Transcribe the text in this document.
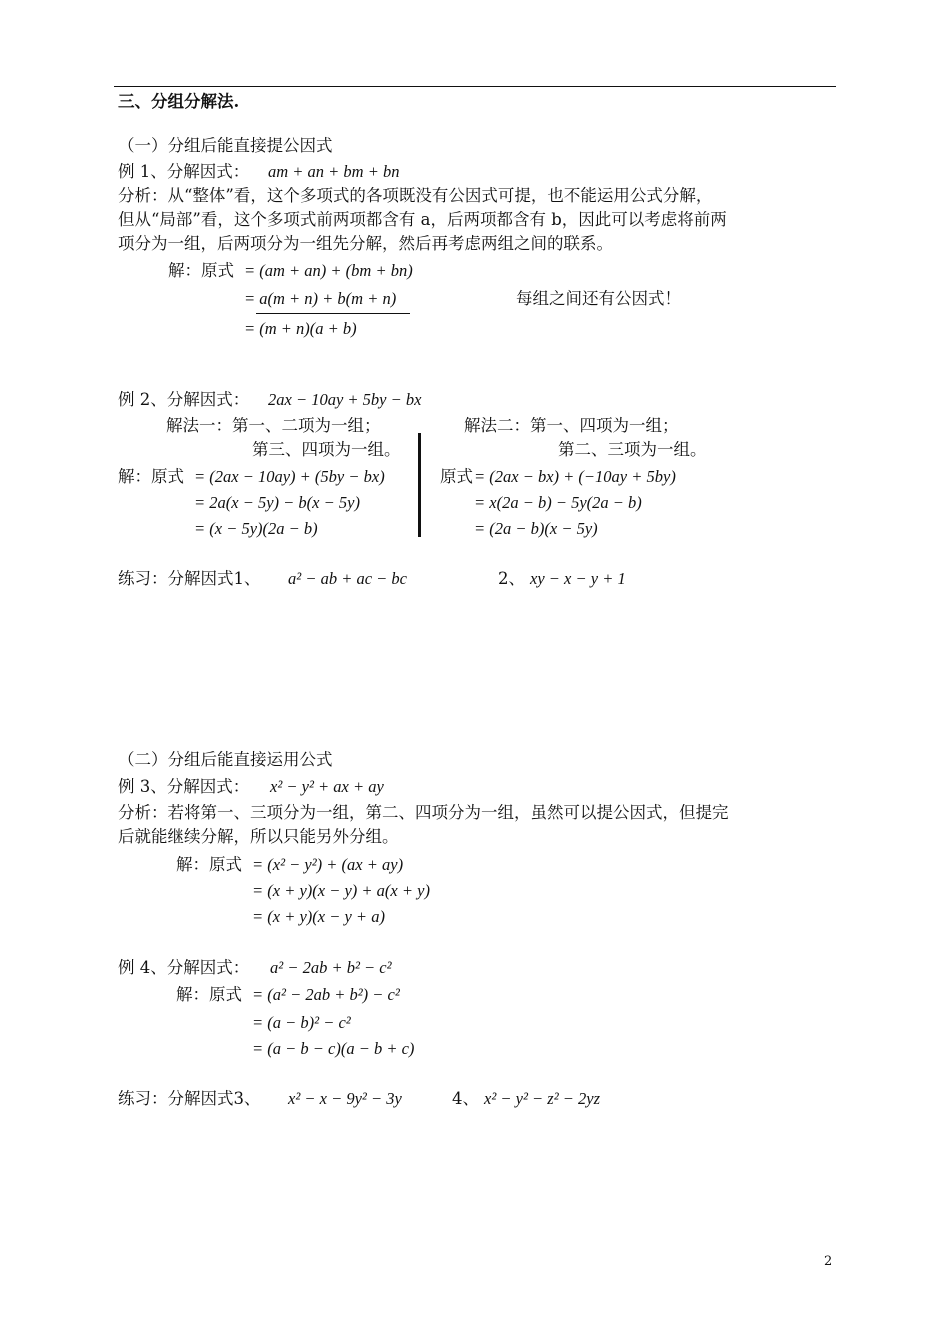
三、分组分解法.
（一）分组后能直接提公因式
例 1、分解因式： am + an + bm + bn
分析：从“整体”看，这个多项式的各项既没有公因式可提，也不能运用公式分解，
但从“局部”看，这个多项式前两项都含有 a，后两项都含有 b，因此可以考虑将前两
项分为一组，后两项分为一组先分解，然后再考虑两组之间的联系。
解：原式 = (am + an) + (bm + bn)
= a(m + n) + b(m + n)
= (m + n)(a + b)
每组之间还有公因式！
例 2、分解因式： 2ax − 10ay + 5by − bx
解法一：第一、二项为一组；
第三、四项为一组。
解法二：第一、四项为一组；
第二、三项为一组。
解：原式 = (2ax − 10ay) + (5by − bx)
= 2a(x − 5y) − b(x − 5y)
= (x − 5y)(2a − b)
原式 = (2ax − bx) + (−10ay + 5by)
= x(2a − b) − 5y(2a − b)
= (2a − b)(x − 5y)
练习：分解因式1、 a² − ab + ac − bc	2、 xy − x − y + 1
（二）分组后能直接运用公式
例 3、分解因式： x² − y² + ax + ay
分析：若将第一、三项分为一组，第二、四项分为一组，虽然可以提公因式，但提完
后就能继续分解，所以只能另外分组。
解：原式 = (x² − y²) + (ax + ay)
= (x + y)(x − y) + a(x + y)
= (x + y)(x − y + a)
例 4、分解因式： a² − 2ab + b² − c²
解：原式 = (a² − 2ab + b²) − c²
= (a − b)² − c²
= (a − b − c)(a − b + c)
练习：分解因式3、 x² − x − 9y² − 3y	4、 x² − y² − z² − 2yz
2
